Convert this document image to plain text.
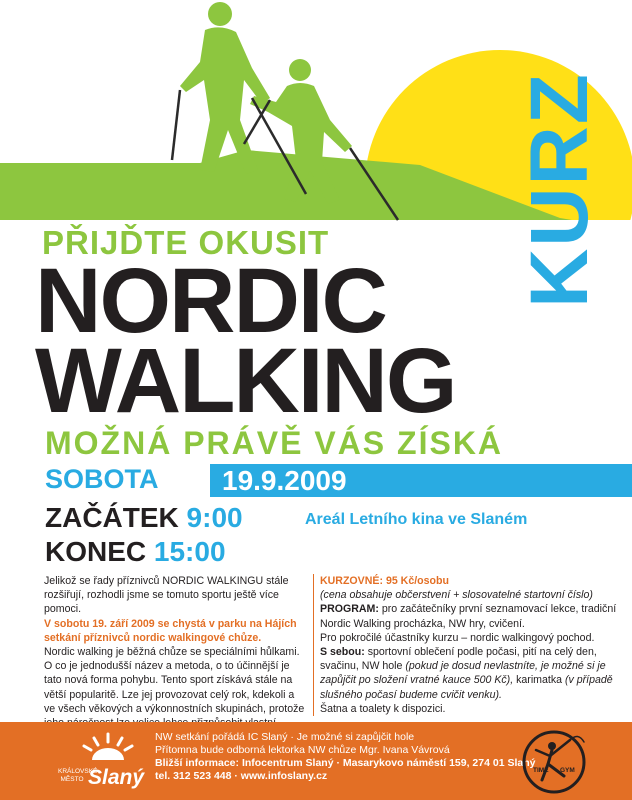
PŘIJĎTE OKUSIT
NORDIC
WALKING
KURZ
MOŽNÁ PRÁVĚ VÁS ZÍSKÁ
SOBOTA 19.9.2009
ZAČÁTEK 9:00	Areál Letního kina ve Slaném
KONEC 15:00

Jelikož se řady příznivců NORDIC WALKINGU stále rozšiřují, rozhodli jsme se tomuto sportu ještě více pomoci.

V sobotu 19. září 2009 se chystá v parku na Hájích setkání příznivců nordic walkingové chůze.

Nordic walking je běžná chůze se speciálními hůlkami. O co je jednodušší název a metoda, o to účinnější je tato nová forma pohybu. Tento sport získává stále na větší popularitě. Lze jej provozovat celý rok, kdekoli a ve všech věkových a výkonnostních skupinách, protože

KURZOVNÉ: 95 Kč/osobu

(cena obsahuje občerstvení + slosovatelné startovní číslo)

PROGRAM: pro začátečníky první seznamovací lekce, tradiční Nordic Walking procházka, NW hry, cvičení.

Pro pokročilé účastníky kurzu – nordic walkingový pochod.

S sebou: sportovní oblečení podle počasi, pití na celý den, svačinu, NW hole (pokud je dosud nevlastníte, je možné si je zapůjčit po složení vratné kauce 500 Kč), karimatka (v případě slušného počasí budeme cvičit venku).

Šatna a toalety k dispozici.

KRÁLOVSKÉ
MĚSTO Slaný

NW setkání pořádá IC Slaný · Je možné si zapůjčit hole

Přítomna bude odborná lektorka NW chůze Mgr. Ivana Vávrová

Bližší informace: Infocentrum Slaný · Masarykovo náměstí 159, 274 01 Slaný

tel. 312 523 448 · www.infoslany.cz	TIME GYM
